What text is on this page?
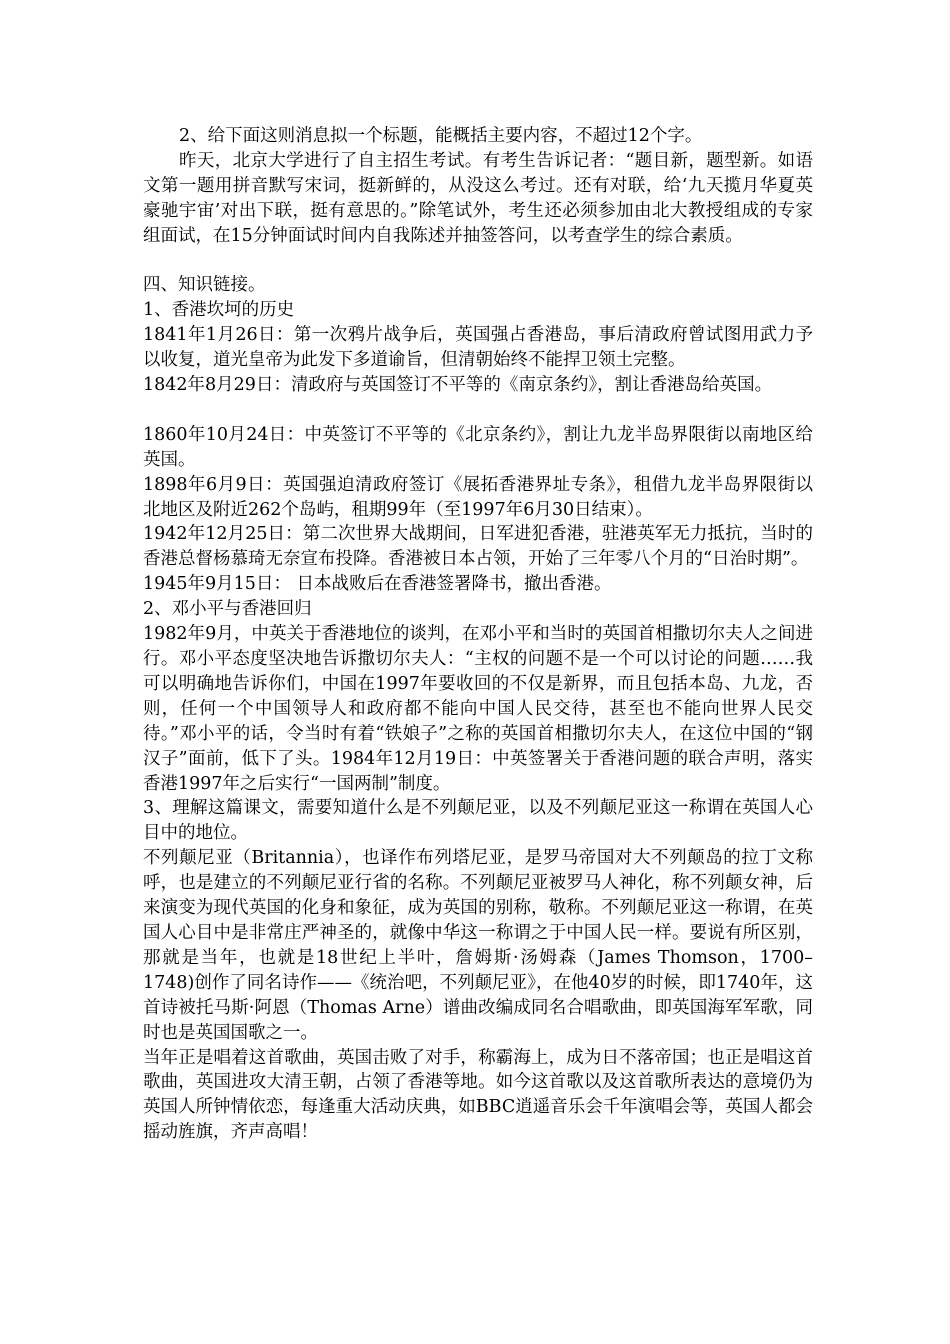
2、给下面这则消息拟一个标题，能概括主要内容，不超过12个字。

昨天，北京大学进行了自主招生考试。有考生告诉记者：“题目新，题型新。如语文第一题用拼音默写宋词，挺新鲜的，从没这么考过。还有对联，给‘九天揽月华夏英豪驰宇宙’对出下联，挺有意思的。”除笔试外，考生还必须参加由北大教授组成的专家组面试，在15分钟面试时间内自我陈述并抽签答问，以考查学生的综合素质。

四、知识链接。

1、香港坎坷的历史

1841年1月26日：第一次鸦片战争后，英国强占香港岛，事后清政府曾试图用武力予以收复，道光皇帝为此发下多道谕旨，但清朝始终不能捍卫领土完整。

1842年8月29日：清政府与英国签订不平等的《南京条约》，割让香港岛给英国。

1860年10月24日：中英签订不平等的《北京条约》，割让九龙半岛界限街以南地区给英国。

1898年6月9日：英国强迫清政府签订《展拓香港界址专条》，租借九龙半岛界限街以北地区及附近262个岛屿，租期99年（至1997年6月30日结束）。

1942年12月25日：第二次世界大战期间，日军进犯香港，驻港英军无力抵抗，当时的香港总督杨慕琦无奈宣布投降。香港被日本占领，开始了三年零八个月的“日治时期”。

1945年9月15日： 日本战败后在香港签署降书，撤出香港。

2、邓小平与香港回归

1982年9月，中英关于香港地位的谈判，在邓小平和当时的英国首相撒切尔夫人之间进行。邓小平态度坚决地告诉撒切尔夫人：“主权的问题不是一个可以讨论的问题……我可以明确地告诉你们，中国在1997年要收回的不仅是新界，而且包括本岛、九龙，否则，任何一个中国领导人和政府都不能向中国人民交待，甚至也不能向世界人民交待。”邓小平的话，令当时有着“铁娘子”之称的英国首相撒切尔夫人，在这位中国的“钢汉子”面前，低下了头。1984年12月19日：中英签署关于香港问题的联合声明，落实香港1997年之后实行“一国两制”制度。

3、理解这篇课文，需要知道什么是不列颠尼亚，以及不列颠尼亚这一称谓在英国人心目中的地位。

不列颠尼亚（Britannia），也译作布列塔尼亚，是罗马帝国对大不列颠岛的拉丁文称呼，也是建立的不列颠尼亚行省的名称。不列颠尼亚被罗马人神化，称不列颠女神，后来演变为现代英国的化身和象征，成为英国的别称，敬称。不列颠尼亚这一称谓，在英国人心目中是非常庄严神圣的，就像中华这一称谓之于中国人民一样。要说有所区别，那就是当年，也就是18世纪上半叶，詹姆斯·汤姆森（James Thomson，1700–1748)创作了同名诗作——《统治吧，不列颠尼亚》，在他40岁的时候，即1740年，这首诗被托马斯·阿恩（Thomas Arne）谱曲改编成同名合唱歌曲，即英国海军军歌，同时也是英国国歌之一。

当年正是唱着这首歌曲，英国击败了对手，称霸海上，成为日不落帝国；也正是唱这首歌曲，英国进攻大清王朝，占领了香港等地。如今这首歌以及这首歌所表达的意境仍为英国人所钟情依恋，每逢重大活动庆典，如BBC逍遥音乐会千年演唱会等，英国人都会摇动旌旗，齐声高唱！
